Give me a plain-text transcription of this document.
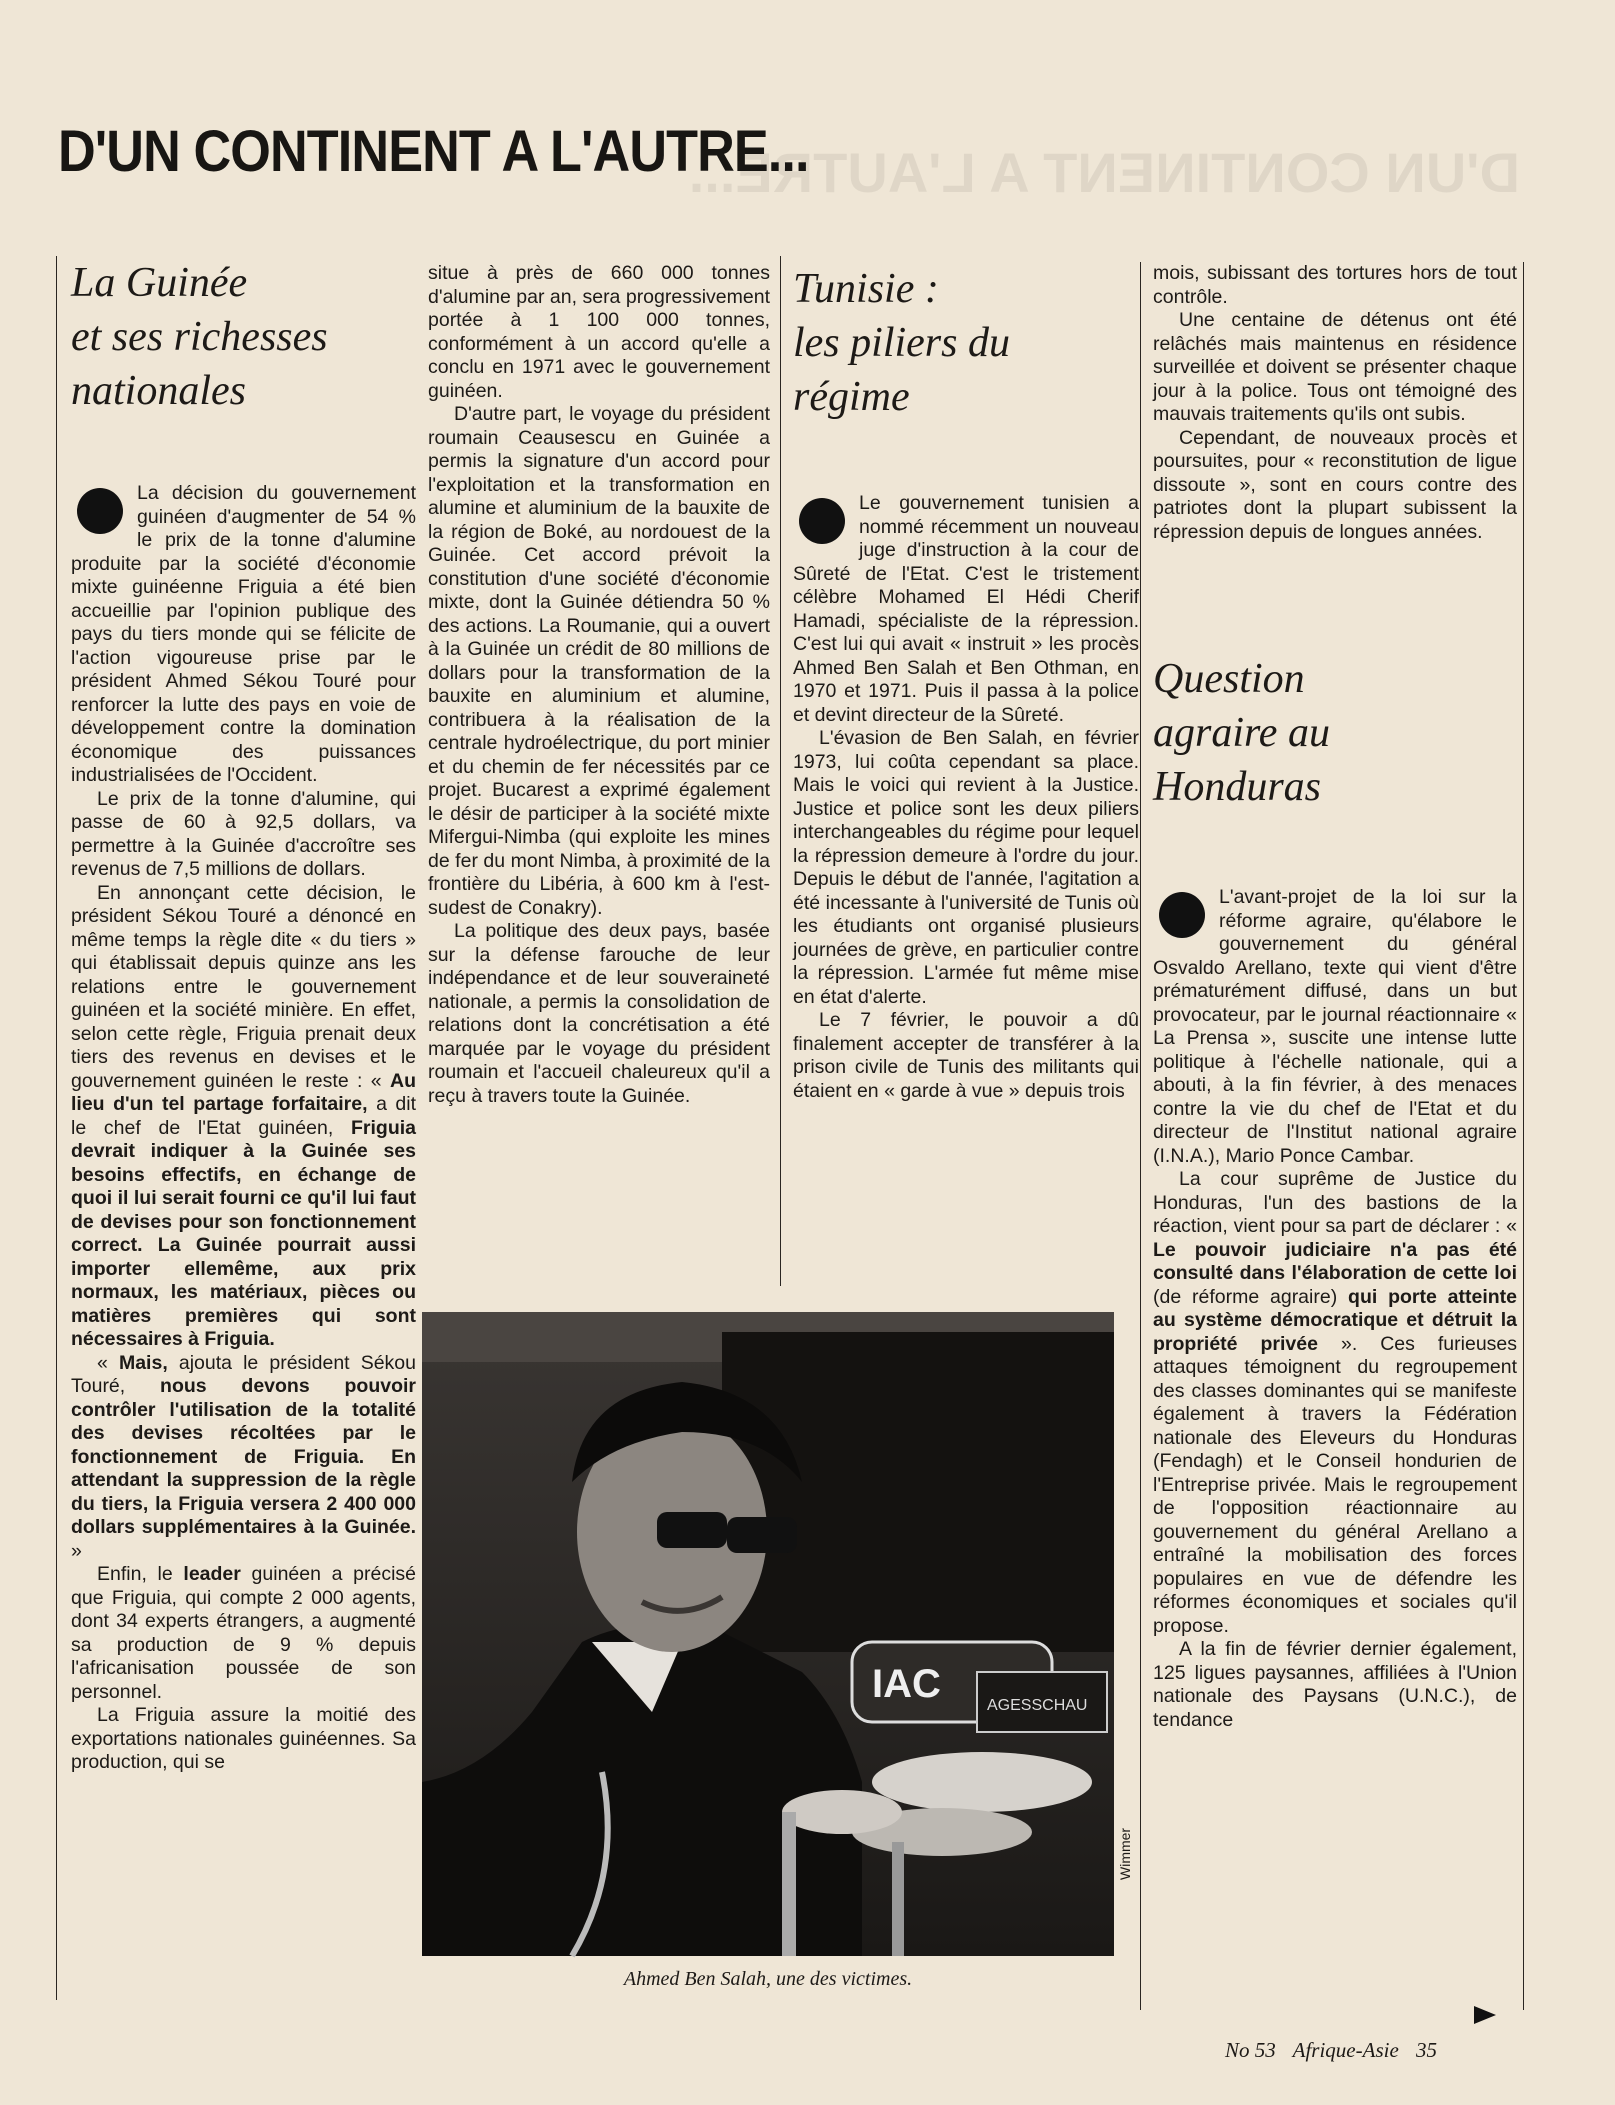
D'UN CONTINENT A L'AUTRE...
D'UN CONTINENT A L'AUTRE...
La Guinée
et ses richesses
nationales

La décision du gouvernement guinéen d'augmenter de 54 % le prix de la tonne d'alumine produite par la société d'économie mixte guinéenne Friguia a été bien accueillie par l'opinion publique des pays du tiers monde qui se félicite de l'action vigoureuse prise par le président Ahmed Sékou Touré pour renforcer la lutte des pays en voie de développement contre la domination économique des puissances industrialisées de l'Occident.

Le prix de la tonne d'alumine, qui passe de 60 à 92,5 dollars, va permettre à la Guinée d'accroître ses revenus de 7,5 millions de dollars.

En annonçant cette décision, le président Sékou Touré a dénoncé en même temps la règle dite « du tiers » qui établissait depuis quinze ans les relations entre le gouvernement guinéen et la société minière. En effet, selon cette règle, Friguia prenait deux tiers des revenus en devises et le gouvernement guinéen le reste : « Au lieu d'un tel partage forfaitaire, a dit le chef de l'Etat guinéen, Friguia devrait indiquer à la Guinée ses besoins effectifs, en échange de quoi il lui serait fourni ce qu'il lui faut de devises pour son fonctionnement correct. La Guinée pourrait aussi importer ellemême, aux prix normaux, les matériaux, pièces ou matières premières qui sont nécessaires à Friguia.

« Mais, ajouta le président Sékou Touré, nous devons pouvoir contrôler l'utilisation de la totalité des devises récoltées par le fonctionnement de Friguia. En attendant la suppression de la règle du tiers, la Friguia versera 2 400 000 dollars supplémentaires à la Guinée. »

Enfin, le leader guinéen a précisé que Friguia, qui compte 2 000 agents, dont 34 experts étrangers, a augmenté sa production de 9 % depuis l'africanisation poussée de son personnel.

La Friguia assure la moitié des exportations nationales guinéennes. Sa production, qui se

situe à près de 660 000 tonnes d'alumine par an, sera progressivement portée à 1 100 000 tonnes, conformément à un accord qu'elle a conclu en 1971 avec le gouvernement guinéen.

D'autre part, le voyage du président roumain Ceausescu en Guinée a permis la signature d'un accord pour l'exploitation et la transformation en alumine et aluminium de la bauxite de la région de Boké, au nordouest de la Guinée. Cet accord prévoit la constitution d'une société d'économie mixte, dont la Guinée détiendra 50 % des actions. La Roumanie, qui a ouvert à la Guinée un crédit de 80 millions de dollars pour la transformation de la bauxite en aluminium et alumine, contribuera à la réalisation de la centrale hydroélectrique, du port minier et du chemin de fer nécessités par ce projet. Bucarest a exprimé également le désir de participer à la société mixte Mifergui-Nimba (qui exploite les mines de fer du mont Nimba, à proximité de la frontière du Libéria, à 600 km à l'est-sudest de Conakry).

La politique des deux pays, basée sur la défense farouche de leur indépendance et de leur souveraineté nationale, a permis la consolidation de relations dont la concrétisation a été marquée par le voyage du président roumain et l'accueil chaleureux qu'il a reçu à travers toute la Guinée.

Tunisie :
les piliers du
régime

Le gouvernement tunisien a nommé récemment un nouveau juge d'instruction à la cour de Sûreté de l'Etat. C'est le tristement célèbre Mohamed El Hédi Cherif Hamadi, spécialiste de la répression. C'est lui qui avait « instruit » les procès Ahmed Ben Salah et Ben Othman, en 1970 et 1971. Puis il passa à la police et devint directeur de la Sûreté.

L'évasion de Ben Salah, en février 1973, lui coûta cependant sa place. Mais le voici qui revient à la Justice. Justice et police sont les deux piliers interchangeables du régime pour lequel la répression demeure à l'ordre du jour. Depuis le début de l'année, l'agitation a été incessante à l'université de Tunis où les étudiants ont organisé plusieurs journées de grève, en particulier contre la répression. L'armée fut même mise en état d'alerte.

Le 7 février, le pouvoir a dû finalement accepter de transférer à la prison civile de Tunis des militants qui étaient en « garde à vue » depuis trois

mois, subissant des tortures hors de tout contrôle.

Une centaine de détenus ont été relâchés mais maintenus en résidence surveillée et doivent se présenter chaque jour à la police. Tous ont témoigné des mauvais traitements qu'ils ont subis.

Cependant, de nouveaux procès et poursuites, pour « reconstitution de ligue dissoute », sont en cours contre des patriotes dont la plupart subissent la répression depuis de longues années.

Question
agraire au
Honduras

L'avant-projet de la loi sur la réforme agraire, qu'élabore le gouvernement du général Osvaldo Arellano, texte qui vient d'être prématurément diffusé, dans un but provocateur, par le journal réactionnaire « La Prensa », suscite une intense lutte politique à l'échelle nationale, qui a abouti, à la fin février, à des menaces contre la vie du chef de l'Etat et du directeur de l'Institut national agraire (I.N.A.), Mario Ponce Cambar.

La cour suprême de Justice du Honduras, l'un des bastions de la réaction, vient pour sa part de déclarer : « Le pouvoir judiciaire n'a pas été consulté dans l'élaboration de cette loi (de réforme agraire) qui porte atteinte au système démocratique et détruit la propriété privée ». Ces furieuses attaques témoignent du regroupement des classes dominantes qui se manifeste également à travers la Fédération nationale des Eleveurs du Honduras (Fendagh) et le Conseil hondurien de l'Entreprise privée. Mais le regroupement de l'opposition réactionnaire au gouvernement du général Arellano a entraîné la mobilisation des forces populaires en vue de défendre les réformes économiques et sociales qu'il propose.

A la fin de février dernier également, 125 ligues paysannes, affiliées à l'Union nationale des Paysans (U.N.C.), de tendance

IAC	AGESSCHAU
Wimmer
Ahmed Ben Salah, une des victimes.
No 53 Afrique-Asie 35
